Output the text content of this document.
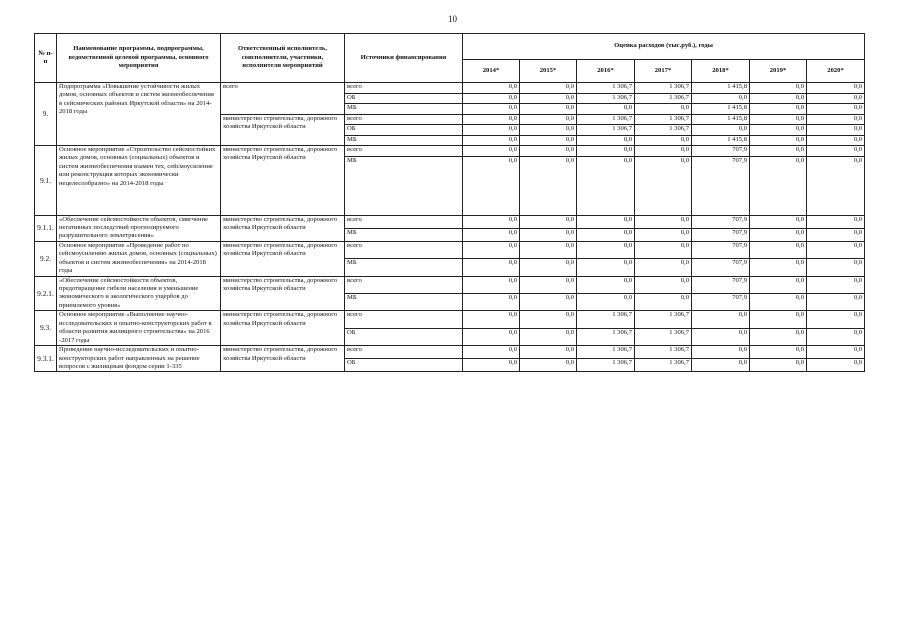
10
№ п-п	Наименование программы, подпрограммы, ведомственной целевой программы, основного мероприятия	Ответственный исполнитель, соисполнители, участники, исполнители мероприятий	Источники финансирования	Оценка расходов (тыс.руб.), годы						
				2014*	2015*	2016*	2017*	2018*	2019*	2020*
9.	Подпрограмма «Повышение устойчивости жилых домов, основных объектов и систем жизнеобеспечения в сейсмических районах Иркутской области» на 2014-2018 годы	всего	всего	0,0	0,0	1 306,7	1 306,7	1 415,8	0,0	0,0
			ОБ	0,0	0,0	1 306,7	1 306,7	0,0	0,0	0,0
			МБ	0,0	0,0	0,0	0,0	1 415,8	0,0	0,0
		министерство строительства, дорожного хозяйства Иркутской области	всего	0,0	0,0	1 306,7	1 306,7	1 415,8	0,0	0,0
			ОБ	0,0	0,0	1 306,7	1 306,7	0,0	0,0	0,0
			МБ	0,0	0,0	0,0	0,0	1 415,8	0,0	0,0
9.1.	Основное мероприятие «Строительство сейсмостойких жилых домов, основных (социальных) объектов и систем жизнеобеспечения взамен тех, сейсмоусиление или реконструкция которых экономически нецелесообразно» на 2014-2018 годы	министерство строительства, дорожного хозяйства Иркутской области	всего	0,0	0,0	0,0	0,0	707,9	0,0	0,0
			МБ	0,0	0,0	0,0	0,0	707,9	0,0	0,0
9.1.1.	«Обеспечение сейсмостойкости объектов, смягчение негативных последствий прогнозируемого разрушительного землетрясения»	министерство строительства, дорожного хозяйства Иркутской области	всего	0,0	0,0	0,0	0,0	707,9	0,0	0,0
			МБ	0,0	0,0	0,0	0,0	707,9	0,0	0,0
9.2.	Основное мероприятие «Проведение работ по сейсмоусилению жилых домов, основных (социальных) объектов и систем жизнеобеспечения» на 2014-2018 годы	министерство строительства, дорожного хозяйства Иркутской области	всего	0,0	0,0	0,0	0,0	707,9	0,0	0,0
			МБ	0,0	0,0	0,0	0,0	707,9	0,0	0,0
9.2.1.	«Обеспечение сейсмостойкости объектов, предотвращение гибели населения и уменьшение экономического и экологического ущербов до приемлемого уровня»	министерство строительства, дорожного хозяйства Иркутской области	всего	0,0	0,0	0,0	0,0	707,9	0,0	0,0
			МБ	0,0	0,0	0,0	0,0	707,9	0,0	0,0
9.3.	Основное мероприятие «Выполнение научно-исследовательских и опытно-конструкторских работ в области развития жилищного строительства» на 2016 -2017 годы	министерство строительства, дорожного хозяйства Иркутской области	всего	0,0	0,0	1 306,7	1 306,7	0,0	0,0	0,0
			ОБ	0,0	0,0	1 306,7	1 306,7	0,0	0,0	0,0
9.3.1.	Проведение научно-исследовательских и опытно-конструкторских работ направленных на решение вопросов с жилищным фондом серии 1-335	министерство строительства, дорожного хозяйства Иркутской области	всего	0,0	0,0	1 306,7	1 306,7	0,0	0,0	0,0
			ОБ	0,0	0,0	1 306,7	1 306,7	0,0	0,0	0,0
